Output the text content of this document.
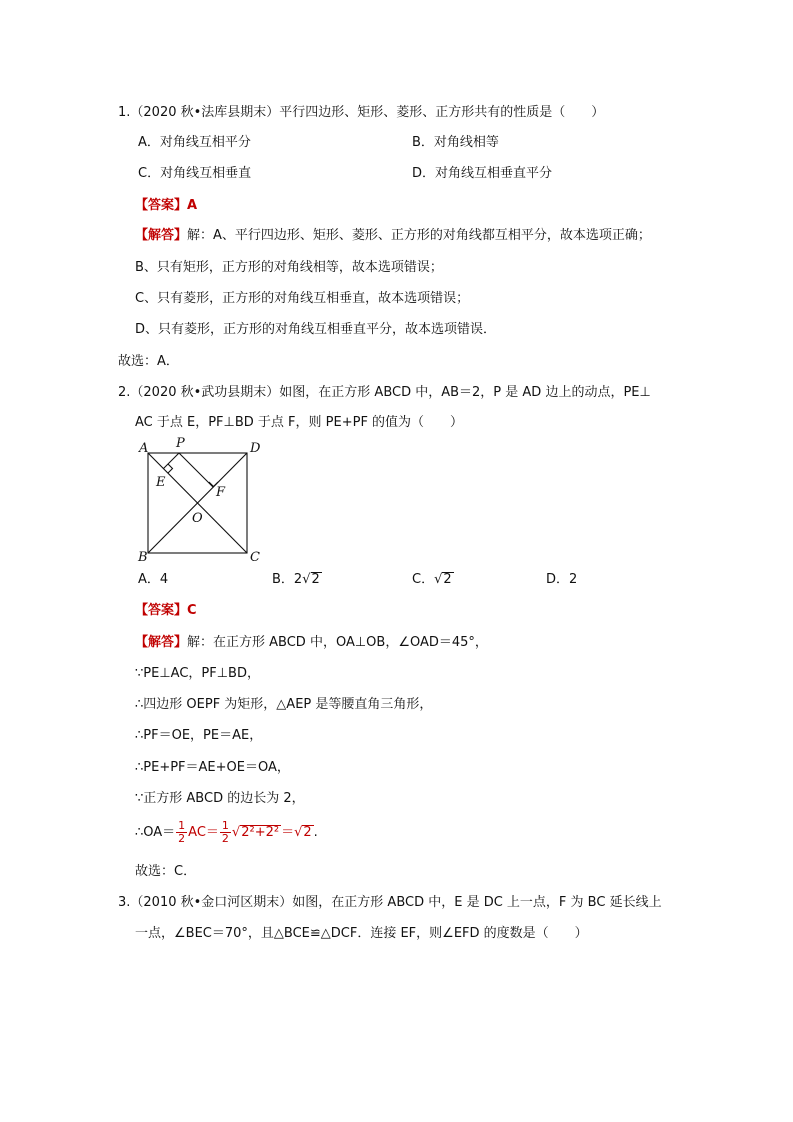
1.（2020 秋•法库县期末）平行四边形、矩形、菱形、正方形共有的性质是（　　）
A．对角线互相平分	B．对角线相等
C．对角线互相垂直	D．对角线互相垂直平分
【答案】A
【解答】解：A、平行四边形、矩形、菱形、正方形的对角线都互相平分，故本选项正确；
B、只有矩形，正方形的对角线相等，故本选项错误；
C、只有菱形，正方形的对角线互相垂直，故本选项错误；
D、只有菱形，正方形的对角线互相垂直平分，故本选项错误．
故选：A．
2.（2020 秋•武功县期末）如图，在正方形 ABCD 中，AB＝2，P 是 AD 边上的动点，PE⊥
AC 于点 E，PF⊥BD 于点 F，则 PE+PF 的值为（　　）
A P	D
E
F
O
B	C
A．4	B．2√2	C．√2	D．2
【答案】C
【解答】解：在正方形 ABCD 中，OA⊥OB，∠OAD＝45°，
∵PE⊥AC，PF⊥BD，
∴四边形 OEPF 为矩形，△AEP 是等腰直角三角形，
∴PF＝OE，PE＝AE，
∴PE+PF＝AE+OE＝OA，
∵正方形 ABCD 的边长为 2，
∴OA＝ $\frac{1}{2} AC= \frac{1}{2} √2^2+2^2 =√2$ .
故选：C．
3.（2010 秋•金口河区期末）如图，在正方形 ABCD 中，E 是 DC 上一点，F 为 BC 延长线上
一点，∠BEC＝70°，且△BCE≌△DCF．连接 EF，则∠EFD 的度数是（　　）
